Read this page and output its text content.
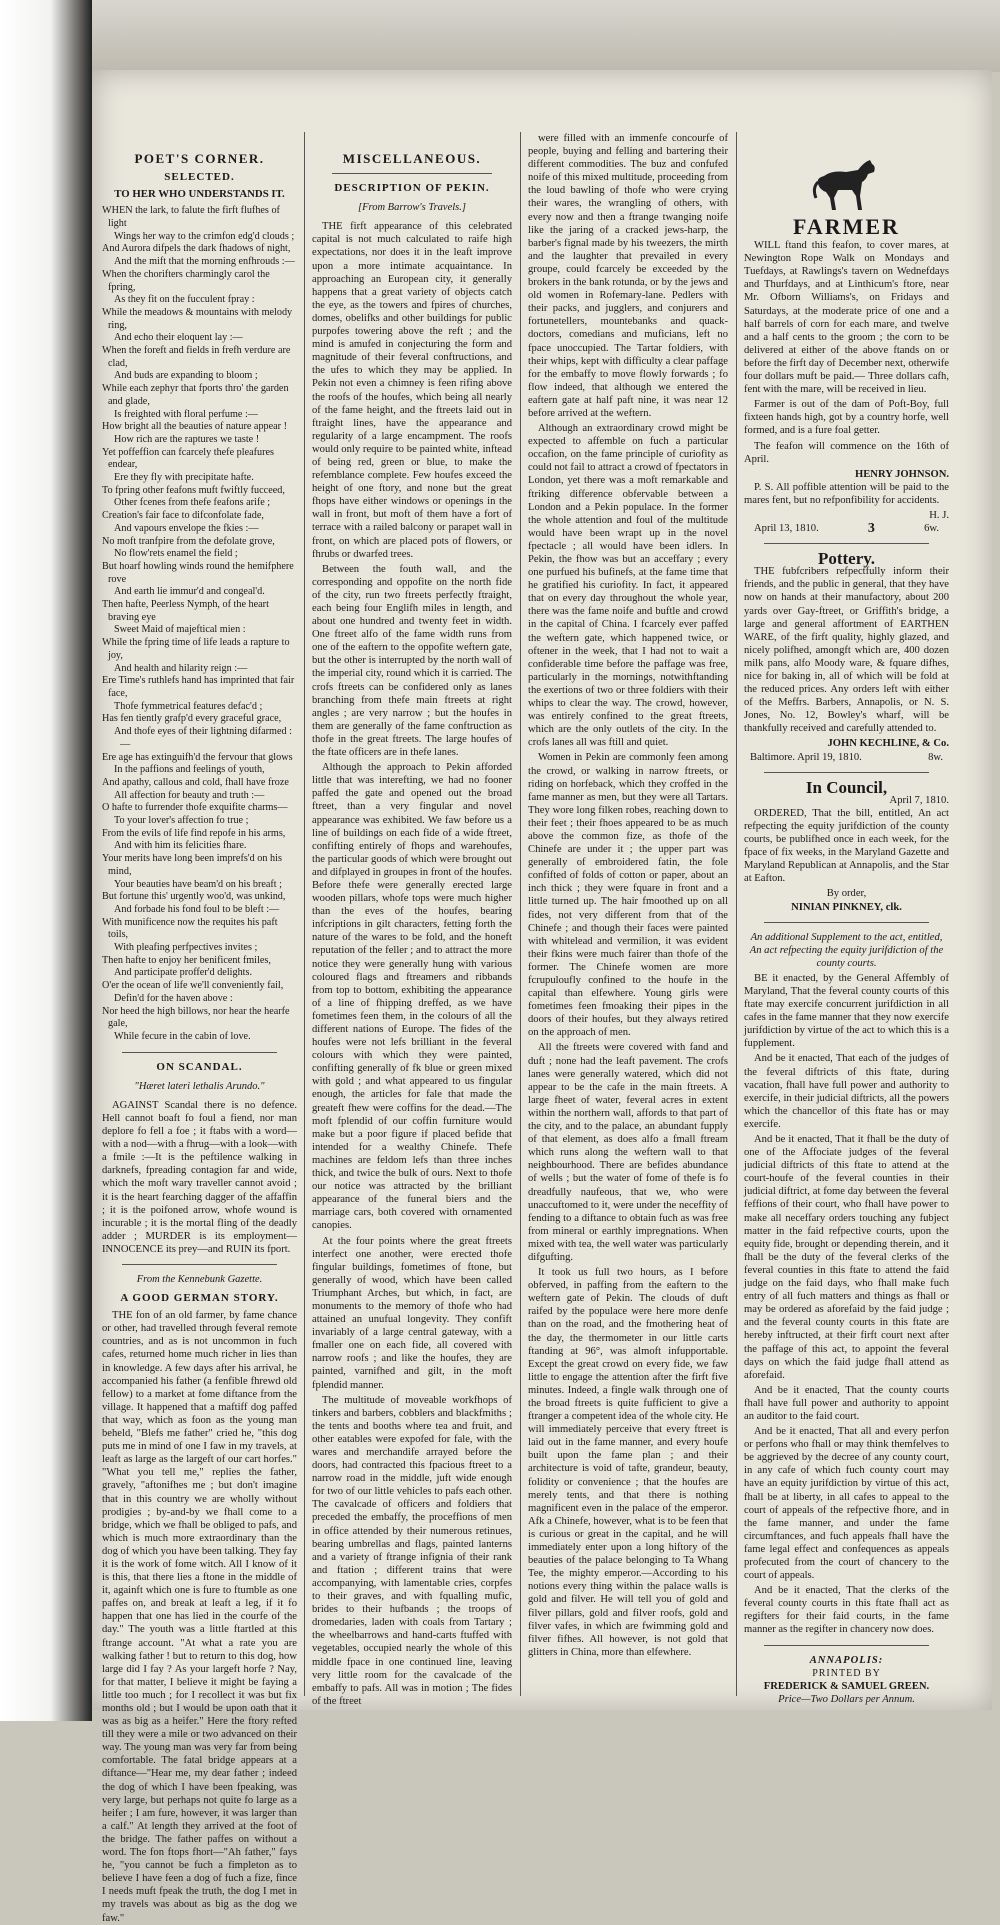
POET'S CORNER.
SELECTED.
TO HER WHO UNDERSTANDS IT.
WHEN the lark, to falute the firft flufhes of light
Wings her way to the crimfon edg'd clouds ;
And Aurora difpels the dark fhadows of night,
And the mift that the morning enfhrouds :—
When the chorifters charmingly carol the fpring,
As they fit on the fucculent fpray :
While the meadows & mountains with melody ring,
And echo their eloquent lay :—
When the foreft and fields in frefh verdure are clad,
And buds are expanding to bloom ;
While each zephyr that fports thro' the garden and glade,
Is freighted with floral perfume :—
How bright all the beauties of nature appear !
How rich are the raptures we taste !
Yet poffeffion can fcarcely thefe pleafures endear,
Ere they fly with precipitate hafte.
To fpring other feafons muft fwiftly fucceed,
Other fcenes from thefe feafons arife ;
Creation's fair face to difconfolate fade,
And vapours envelope the fkies :—
No moft tranfpire from the defolate grove,
No flow'rets enamel the field ;
But hoarf howling winds round the hemifphere rove
And earth lie immur'd and congeal'd.
Then hafte, Peerless Nymph, of the heart braving eye
Sweet Maid of majeftical mien :
While the fpring time of life leads a rapture to joy,
And health and hilarity reign :—
Ere Time's ruthlefs hand has imprinted that fair face,
Thofe fymmetrical features defac'd ;
Has fen tiently grafp'd every graceful grace,
And thofe eyes of their lightning difarmed :—
Ere age has extinguifh'd the fervour that glows
In the paffions and feelings of youth,
And apathy, callous and cold, fhall have froze
All affection for beauty and truth :—
O hafte to furrender thofe exquifite charms—
To your lover's affection fo true ;
From the evils of life find repofe in his arms,
And with him its felicities fhare.
Your merits have long been imprefs'd on his mind,
Your beauties have beam'd on his breaft ;
But fortune this' urgently woo'd, was unkind,
And forbade his fond foul to be bleft :—
With munificence now the requites his paft toils,
With pleafing perfpectives invites ;
Then hafte to enjoy her benificent fmiles,
And participate proffer'd delights.
O'er the ocean of life we'll conveniently fail,
Defin'd for the haven above :
Nor heed the high billows, nor hear the hearfe gale,
While fecure in the cabin of love.
ON SCANDAL.
"Hæret lateri lethalis Arundo."

AGAINST Scandal there is no defence. Hell cannot boaft fo foul a fiend, nor man deplore fo fell a foe ; it ftabs with a word—with a nod—with a fhrug—with a look—with a fmile :—It is the peftilence walking in darknefs, fpreading contagion far and wide, which the moft wary traveller cannot avoid ; it is the heart fearching dagger of the affaffin ; it is the poifoned arrow, whofe wound is incurable ; it is the mortal fling of the deadly adder ; MURDER is its employment—INNOCENCE its prey—and RUIN its fport.

From the Kennebunk Gazette.
A GOOD GERMAN STORY.

THE fon of an old farmer, by fame chance or other, had travelled through feveral remote countries, and as is not uncommon in fuch cafes, returned home much richer in lies than in knowledge. A few days after his arrival, he accompanied his father (a fenfible fhrewd old fellow) to a market at fome diftance from the village. It happened that a maftiff dog paffed that way, which as foon as the young man beheld, "Blefs me father" cried he, "this dog puts me in mind of one I faw in my travels, at leaft as large as the largeft of our cart horfes." "What you tell me," replies the father, gravely, "aftonifhes me ; but don't imagine that in this country we are wholly without prodigies ; by-and-by we fhall come to a bridge, which we fhall be obliged to pafs, and which is much more extraordinary than the dog of which you have been talking. They fay it is the work of fome witch. All I know of it is this, that there lies a ftone in the middle of it, againft which one is fure to ftumble as one paffes on, and break at leaft a leg, if it fo happen that one has lied in the courfe of the day." The youth was a little ftartled at this ftrange account. "At what a rate you are walking father ! but to return to this dog, how large did I fay ? As your largeft horfe ? Nay, for that matter, I believe it might be faying a little too much ; for I recollect it was but fix months old ; but I would be upon oath that it was as big as a heifer." Here the ftory refted till they were a mile or two advanced on their way. The young man was very far from being comfortable. The fatal bridge appears at a diftance—"Hear me, my dear father ; indeed the dog of which I have been fpeaking, was very large, but perhaps not quite fo large as a heifer ; I am fure, however, it was larger than a calf." At length they arrived at the foot of the bridge. The father paffes on without a word. The fon ftops fhort—"Ah father," fays he, "you cannot be fuch a fimpleton as to believe I have feen a dog of fuch a fize, fince I needs muft fpeak the truth, the dog I met in my travels was about as big as the dog we faw."

MISCELLANEOUS.
DESCRIPTION OF PEKIN.
[From Barrow's Travels.]

THE firft appearance of this celebrated capital is not much calculated to raife high expectations, nor does it in the leaft improve upon a more intimate acquaintance. In approaching an European city, it generally happens that a great variety of objects catch the eye, as the towers and fpires of churches, domes, obelifks and other buildings for public purpofes towering above the reft ; and the mind is amufed in conjecturing the form and magnitude of their feveral conftructions, and the ufes to which they may be applied. In Pekin not even a chimney is feen rifing above the roofs of the houfes, which being all nearly of the fame height, and the ftreets laid out in ftraight lines, have the appearance and regularity of a large encampment. The roofs would only require to be painted white, inftead of being red, green or blue, to make the refemblance complete. Few houfes exceed the height of one ftory, and none but the great fhops have either windows or openings in the wall in front, but moft of them have a fort of terrace with a railed balcony or parapet wall in front, on which are placed pots of flowers, or fhrubs or dwarfed trees.

Between the fouth wall, and the corresponding and oppofite on the north fide of the city, run two ftreets perfectly ftraight, each being four Englifh miles in length, and about one hundred and twenty feet in width. One ftreet alfo of the fame width runs from one of the eaftern to the oppofite weftern gate, but the other is interrupted by the north wall of the imperial city, round which it is carried. The crofs ftreets can be confidered only as lanes branching from thefe main ftreets at right angles ; are very narrow ; but the houfes in them are generally of the fame conftruction as thofe in the great ftreets. The large houfes of the ftate officers are in thefe lanes.

Although the approach to Pekin afforded little that was interefting, we had no fooner paffed the gate and opened out the broad ftreet, than a very fingular and novel appearance was exhibited. We faw before us a line of buildings on each fide of a wide ftreet, confifting entirely of fhops and warehoufes, the particular goods of which were brought out and difplayed in groupes in front of the houfes. Before thefe were generally erected large wooden pillars, whofe tops were much higher than the eves of the houfes, bearing infcriptions in gilt characters, fetting forth the nature of the wares to be fold, and the honeft reputation of the feller ; and to attract the more notice they were generally hung with various coloured flags and ftreamers and ribbands from top to bottom, exhibiting the appearance of a line of fhipping dreffed, as we have fometimes feen them, in the colours of all the different nations of Europe. The fides of the houfes were not lefs brilliant in the feveral colours with which they were painted, confifting generally of fk blue or green mixed with gold ; and what appeared to us fingular enough, the articles for fale that made the greateft fhew were coffins for the dead.—The moft fplendid of our coffin furniture would make but a poor figure if placed befide that intended for a wealthy Chinefe. Thefe machines are feldom lefs than three inches thick, and twice the bulk of ours. Next to thofe our notice was attracted by the brilliant appearance of the funeral biers and the marriage cars, both covered with ornamented canopies.

At the four points where the great ftreets interfect one another, were erected thofe fingular buildings, fometimes of ftone, but generally of wood, which have been called Triumphant Arches, but which, in fact, are monuments to the memory of thofe who had attained an unufual longevity. They confift invariably of a large central gateway, with a fmaller one on each fide, all covered with narrow roofs ; and like the houfes, they are painted, varnifhed and gilt, in the moft fplendid manner.

The multitude of moveable workfhops of tinkers and barbers, cobblers and blackfmiths ; the tents and booths where tea and fruit, and other eatables were expofed for fale, with the wares and merchandife arrayed before the doors, had contracted this fpacious ftreet to a narrow road in the middle, juft wide enough for two of our little vehicles to pafs each other. The cavalcade of officers and foldiers that preceded the embaffy, the proceffions of men in office attended by their numerous retinues, bearing umbrellas and flags, painted lanterns and a variety of ftrange infignia of their rank and ftation ; different trains that were accompanying, with lamentable cries, corpfes to their graves, and with fqualling mufic, brides to their hufbands ; the troops of dromedaries, laden with coals from Tartary ; the wheelbarrows and hand-carts ftuffed with vegetables, occupied nearly the whole of this middle fpace in one continued line, leaving very little room for the cavalcade of the embaffy to pafs. All was in motion ; The fides of the ftreet

were filled with an immenfe concourfe of people, buying and felling and bartering their different commodities. The buz and confufed noife of this mixed multitude, proceeding from the loud bawling of thofe who were crying their wares, the wrangling of others, with every now and then a ftrange twanging noife like the jaring of a cracked jews-harp, the barber's fignal made by his tweezers, the mirth and the laughter that prevailed in every groupe, could fcarcely be exceeded by the brokers in the bank rotunda, or by the jews and old women in Rofemary-lane. Pedlers with their packs, and jugglers, and conjurers and fortunetellers, mountebanks and quack-doctors, comedians and muficians, left no fpace unoccupied. The Tartar foldiers, with their whips, kept with difficulty a clear paffage for the embaffy to move flowly forwards ; fo flow indeed, that although we entered the eaftern gate at half paft nine, it was near 12 before arrived at the weftern.

Although an extraordinary crowd might be expected to affemble on fuch a particular occafion, on the fame principle of curiofity as could not fail to attract a crowd of fpectators in London, yet there was a moft remarkable and ftriking difference obfervable between a London and a Pekin populace. In the former the whole attention and foul of the multitude would have been wrapt up in the novel fpectacle ; all would have been idlers. In Pekin, the fhow was but an acceffary ; every one purfued his bufinefs, at the fame time that he gratified his curiofity. In fact, it appeared that on every day throughout the whole year, there was the fame noife and buftle and crowd in the capital of China. I fcarcely ever paffed the weftern gate, which happened twice, or oftener in the week, that I had not to wait a confiderable time before the paffage was free, particularly in the mornings, notwithftanding the exertions of two or three foldiers with their whips to clear the way. The crowd, however, was entirely confined to the great ftreets, which are the only outlets of the city. In the crofs lanes all was ftill and quiet.

Women in Pekin are commonly feen among the crowd, or walking in narrow ftreets, or riding on horfeback, which they croffed in the fame manner as men, but they were all Tartars. They wore long filken robes, reaching down to their feet ; their fhoes appeared to be as much above the common fize, as thofe of the Chinefe are under it ; the upper part was generally of embroidered fatin, the fole confifted of folds of cotton or paper, about an inch thick ; they were fquare in front and a little turned up. The hair fmoothed up on all fides, not very different from that of the Chinefe ; and though their faces were painted with whitelead and vermilion, it was evident their fkins were much fairer than thofe of the former. The Chinefe women are more fcrupuloufly confined to the houfe in the capital than elfewhere. Young girls were fometimes feen fmoaking their pipes in the doors of their houfes, but they always retired on the approach of men.

All the ftreets were covered with fand and duft ; none had the leaft pavement. The crofs lanes were generally watered, which did not appear to be the cafe in the main ftreets. A large fheet of water, feveral acres in extent within the northern wall, affords to that part of the city, and to the palace, an abundant fupply of that element, as does alfo a fmall ftream which runs along the weftern wall to that neighbourhood. There are befides abundance of wells ; but the water of fome of thefe is fo dreadfully naufeous, that we, who were unaccuftomed to it, were under the neceffity of fending to a diftance to obtain fuch as was free from mineral or earthly impregnations. When mixed with tea, the well water was particularly difgufting.

It took us full two hours, as I before obferved, in paffing from the eaftern to the weftern gate of Pekin. The clouds of duft raifed by the populace were here more denfe than on the road, and the fmothering heat of the day, the thermometer in our little carts ftanding at 96°, was almoft infupportable. Except the great crowd on every fide, we faw little to engage the attention after the firft five minutes. Indeed, a fingle walk through one of the broad ftreets is quite fufficient to give a ftranger a competent idea of the whole city. He will immediately perceive that every ftreet is laid out in the fame manner, and every houfe built upon the fame plan ; and their architecture is void of tafte, grandeur, beauty, folidity or convenience ; that the houfes are merely tents, and that there is nothing magnificent even in the palace of the emperor. Afk a Chinefe, however, what is to be feen that is curious or great in the capital, and he will immediately enter upon a long hiftory of the beauties of the palace belonging to Ta Whang Tee, the mighty emperor.—According to his notions every thing within the palace walls is gold and filver. He will tell you of gold and filver pillars, gold and filver roofs, gold and filver vafes, in which are fwimming gold and filver fifhes. All however, is not gold that glitters in China, more than elfewhere.

FARMER

WILL ftand this feafon, to cover mares, at Newington Rope Walk on Mondays and Tuefdays, at Rawlings's tavern on Wednefdays and Thurfdays, and at Linthicum's ftore, near Mr. Ofborn Williams's, on Fridays and Saturdays, at the moderate price of one and a half barrels of corn for each mare, and twelve and a half cents to the groom ; the corn to be delivered at either of the above ftands on or before the firft day of December next, otherwife four dollars muft be paid.— Three dollars cafh, fent with the mare, will be received in lieu.

Farmer is out of the dam of Poft-Boy, full fixteen hands high, got by a country horfe, well formed, and is a fure foal getter.

The feafon will commence on the 16th of April.

HENRY JOHNSON.

P. S. All poffible attention will be paid to the mares fent, but no refponfibility for accidents.

H. J.
April 13, 1810.	3	6w.
Pottery.

THE fubfcribers refpectfully inform their friends, and the public in general, that they have now on hands at their manufactory, about 200 yards over Gay-ftreet, or Griffith's bridge, a large and general affortment of EARTHEN WARE, of the firft quality, highly glazed, and nicely polifhed, amongft which are, 400 dozen milk pans, alfo Moody ware, & fquare difhes, nice for baking in, all of which will be fold at the reduced prices. Any orders left with either of the Meffrs. Barbers, Annapolis, or N. S. Jones, No. 12, Bowley's wharf, will be thankfully received and carefully attended to.

JOHN KECHLINE, & Co.
Baltimore. April 19, 1810.	8w.
In Council,
April 7, 1810.

ORDERED, That the bill, entitled, An act refpecting the equity jurifdiction of the county courts, be publifhed once in each week, for the fpace of fix weeks, in the Maryland Gazette and Maryland Republican at Annapolis, and the Star at Eafton.

By order,
NINIAN PINKNEY, clk.

An additional Supplement to the act, entitled, An act refpecting the equity jurifdiction of the county courts.

BE it enacted, by the General Affembly of Maryland, That the feveral county courts of this ftate may exercife concurrent jurifdiction in all cafes in the fame manner that they now exercife jurifdiction by virtue of the act to which this is a fupplement.

And be it enacted, That each of the judges of the feveral diftricts of this ftate, during vacation, fhall have full power and authority to exercife, in their judicial diftricts, all the powers which the chancellor of this ftate has or may exercife.

And be it enacted, That it fhall be the duty of one of the Affociate judges of the feveral judicial diftricts of this ftate to attend at the court-houfe of the feveral counties in their judicial diftrict, at fome day between the feveral feffions of their court, who fhall have power to make all neceffary orders touching any fubject matter in the faid refpective courts, upon the equity fide, brought or depending therein, and it fhall be the duty of the feveral clerks of the feveral counties in this ftate to attend the faid judge on the faid days, who fhall make fuch entry of all fuch matters and things as fhall or may be ordered as aforefaid by the faid judge ; and the feveral county courts in this ftate are hereby inftructed, at their firft court next after the paffage of this act, to appoint the feveral days on which the faid judge fhall attend as aforefaid.

And be it enacted, That the county courts fhall have full power and authority to appoint an auditor to the faid court.

And be it enacted, That all and every perfon or perfons who fhall or may think themfelves to be aggrieved by the decree of any county court, in any cafe of which fuch county court may have an equity jurifdiction by virtue of this act, fhall be at liberty, in all cafes to appeal to the court of appeals of the refpective fhore, and in the fame manner, and under the fame circumftances, and fuch appeals fhall have the fame legal effect and confequences as appeals profecuted from the court of chancery to the court of appeals.

And be it enacted, That the clerks of the feveral county courts in this ftate fhall act as regifters for their faid courts, in the fame manner as the regifter in chancery now does.

ANNAPOLIS:
PRINTED BY
FREDERICK & SAMUEL GREEN.
Price—Two Dollars per Annum.
